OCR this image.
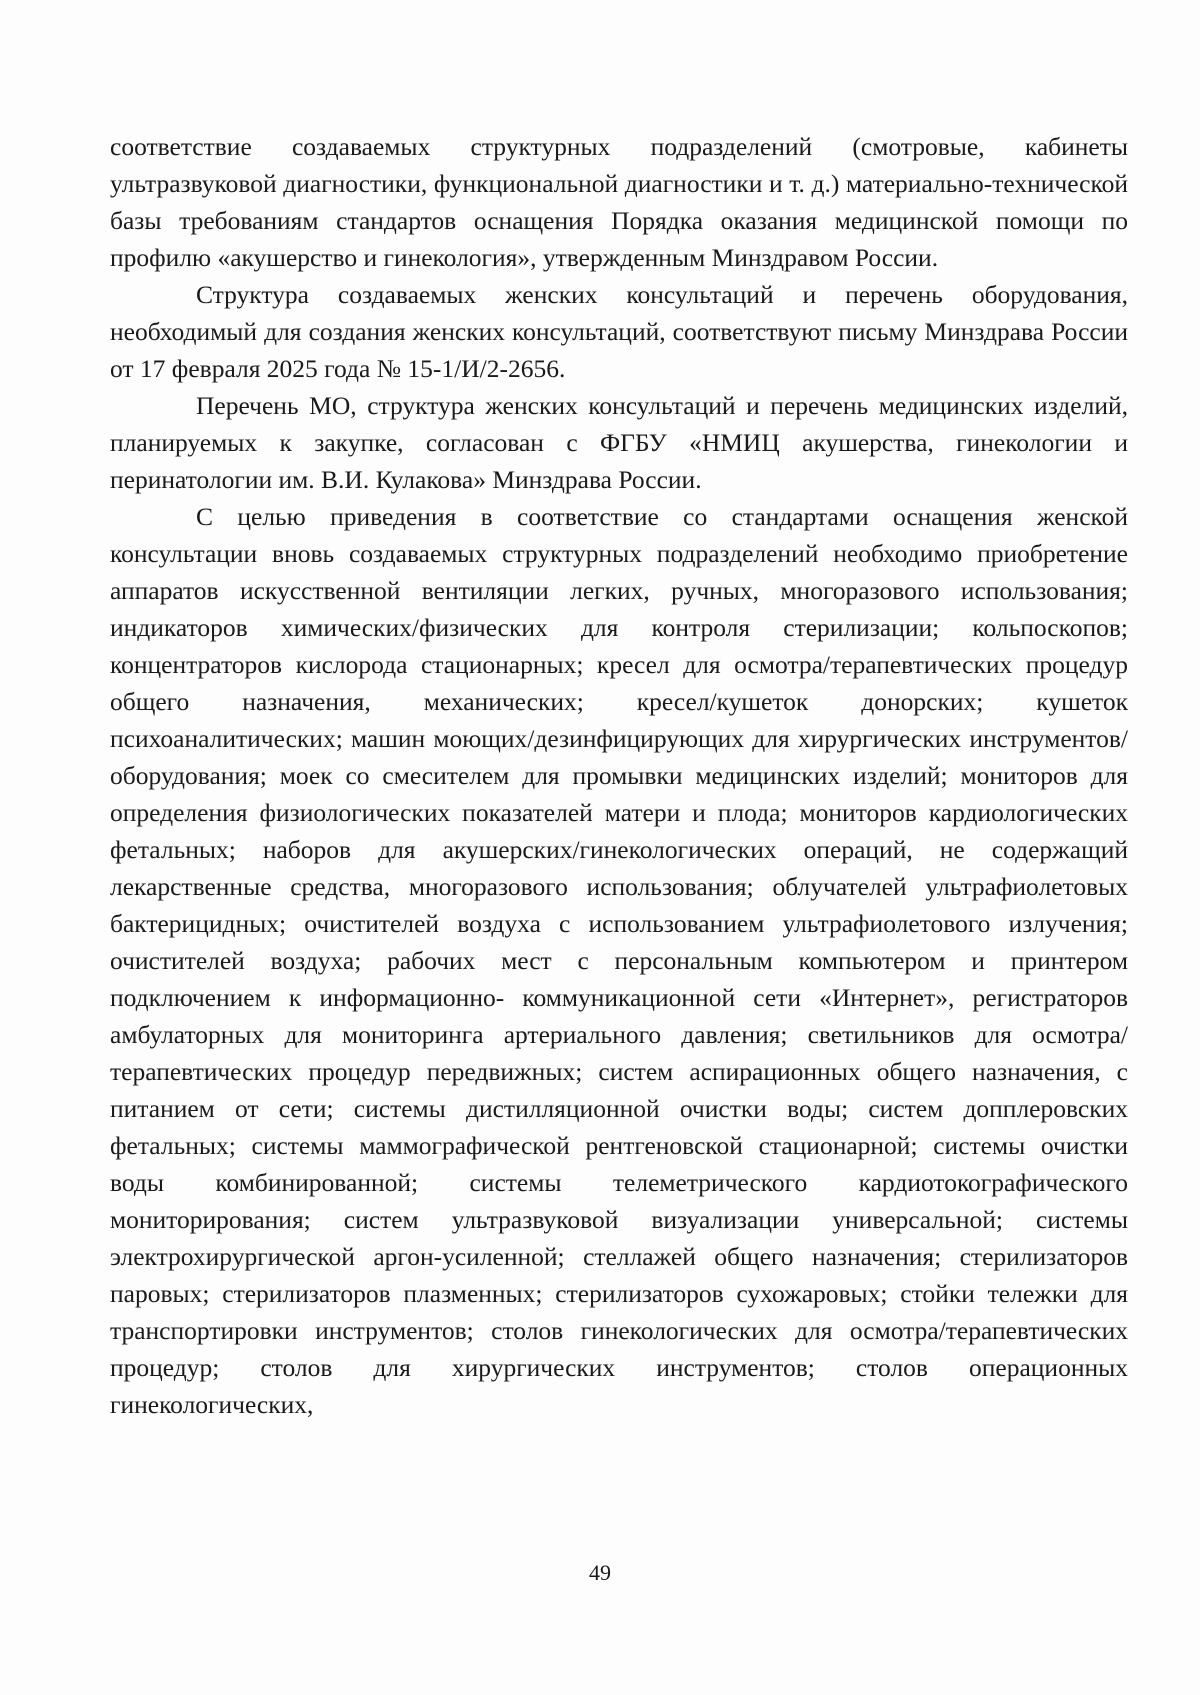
соответствие создаваемых структурных подразделений (смотровые, кабинеты ультразвуковой диагностики, функциональной диагностики и т. д.) материально-технической базы требованиям стандартов оснащения Порядка оказания медицинской помощи по профилю «акушерство и гинекология», утвержденным Минздравом России.

Структура создаваемых женских консультаций и перечень оборудования, необходимый для создания женских консультаций, соответствуют письму Минздрава России от 17 февраля 2025 года № 15-1/И/2-2656.

Перечень МО, структура женских консультаций и перечень медицинских изделий, планируемых к закупке, согласован с ФГБУ «НМИЦ акушерства, гинекологии и перинатологии им. В.И. Кулакова» Минздрава России.

С целью приведения в соответствие со стандартами оснащения женской консультации вновь создаваемых структурных подразделений необходимо приобретение аппаратов искусственной вентиляции легких, ручных, многоразового использования; индикаторов химических/физических для контроля стерилизации; кольпоскопов; концентраторов кислорода стационарных; кресел для осмотра/терапевтических процедур общего назначения, механических; кресел/кушеток донорских; кушеток психоаналитических; машин моющих/дезинфицирующих для хирургических инструментов/оборудования; моек со смесителем для промывки медицинских изделий; мониторов для определения физиологических показателей матери и плода; мониторов кардиологических фетальных; наборов для акушерских/гинекологических операций, не содержащий лекарственные средства, многоразового использования; облучателей ультрафиолетовых бактерицидных; очистителей воздуха с использованием ультрафиолетового излучения; очистителей воздуха; рабочих мест с персональным компьютером и принтером подключением к информационно- коммуникационной сети «Интернет», регистраторов амбулаторных для мониторинга артериального давления; светильников для осмотра/терапевтических процедур передвижных; систем аспирационных общего назначения, с питанием от сети; системы дистилляционной очистки воды; систем допплеровских фетальных; системы маммографической рентгеновской стационарной; системы очистки воды комбинированной; системы телеметрического кардиотокографического мониторирования; систем ультразвуковой визуализации универсальной; системы электрохирургической аргон-усиленной; стеллажей общего назначения; стерилизаторов паровых; стерилизаторов плазменных; стерилизаторов сухожаровых; стойки тележки для транспортировки инструментов; столов гинекологических для осмотра/терапевтических процедур; столов для хирургических инструментов; столов операционных гинекологических,

49
